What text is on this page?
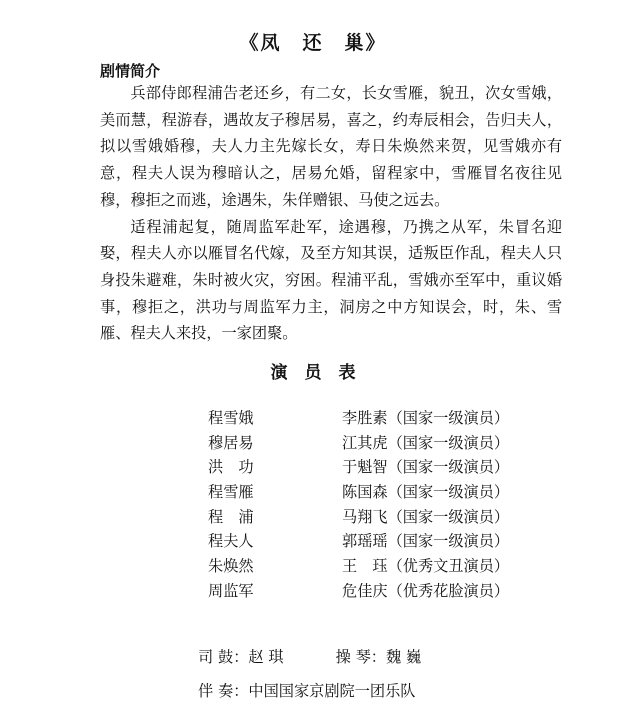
《凤　还　巢》
剧情简介

兵部侍郎程浦告老还乡，有二女，长女雪雁，貌丑，次女雪娥，美而慧，程游春，遇故友子穆居易，喜之，约寿辰相会，告归夫人，拟以雪娥婚穆，夫人力主先嫁长女，寿日朱焕然来贺，见雪娥亦有意，程夫人误为穆暗认之，居易允婚，留程家中，雪雁冒名夜往见穆，穆拒之而逃，途遇朱，朱佯赠银、马使之远去。

适程浦起复，随周监军赴军，途遇穆，乃携之从军，朱冒名迎娶，程夫人亦以雁冒名代嫁，及至方知其误，适叛臣作乱，程夫人只身投朱避难，朱时被火灾，穷困。程浦平乱，雪娥亦至军中，重议婚事，穆拒之，洪功与周监军力主，洞房之中方知误会，时，朱、雪雁、程夫人来投，一家团聚。

演　员　表
程雪娥	李胜素（国家一级演员）
穆居易	江其虎（国家一级演员）
洪　功	于魁智（国家一级演员）
程雪雁	陈国森（国家一级演员）
程　浦	马翔飞（国家一级演员）
程夫人	郭瑶瑶（国家一级演员）
朱焕然	王　珏（优秀文丑演员）
周监军	危佳庆（优秀花脸演员）
司 鼓：赵 琪	操 琴：魏 巍
伴 奏：中国国家京剧院一团乐队
